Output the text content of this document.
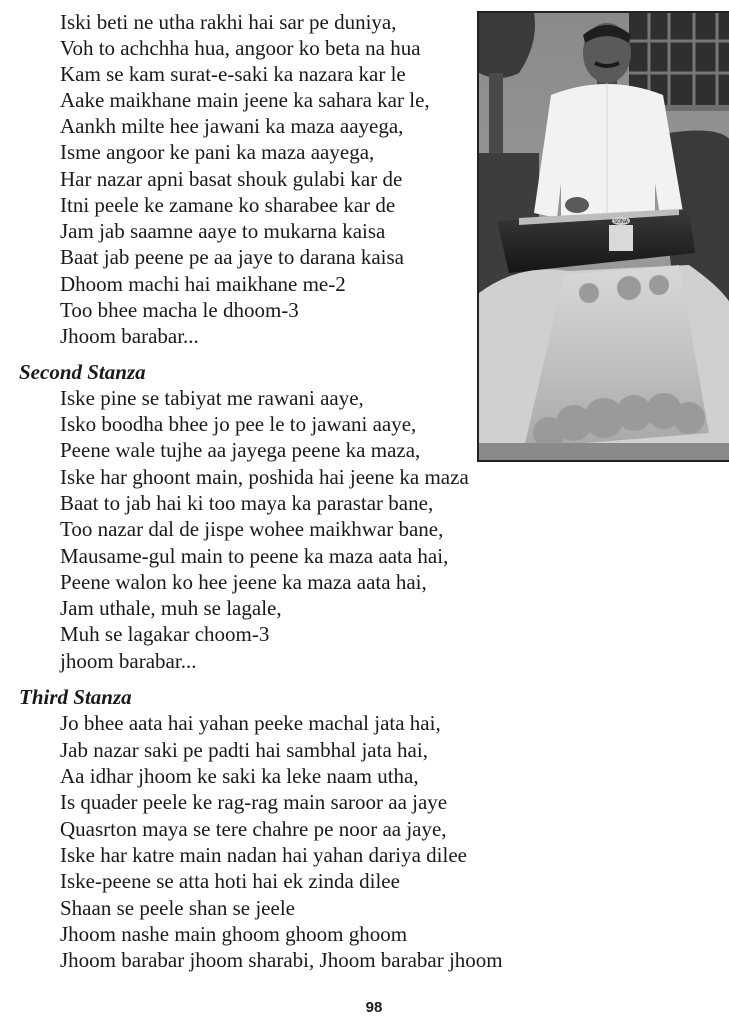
Iski beti ne utha rakhi hai sar pe duniya,
Voh to achchha hua, angoor ko beta na hua
Kam se kam surat-e-saki ka nazara kar le
Aake maikhane main jeene ka sahara kar le,
Aankh milte hee jawani ka maza aayega,
Isme angoor ke pani ka maza aayega,
Har nazar apni basat shouk gulabi kar de
Itni peele ke zamane ko sharabee kar de
Jam jab saamne aaye to mukarna kaisa
Baat jab peene pe aa jaye to darana kaisa
Dhoom machi hai maikhane me-2
Too bhee macha le dhoom-3
Jhoom barabar...
Second Stanza
Iske pine se tabiyat me rawani aaye,
Isko boodha bhee jo pee le to jawani aaye,
Peene wale tujhe aa jayega peene ka maza,
Iske har ghoont main, poshida hai jeene ka maza
Baat to jab hai ki too maya ka parastar bane,
Too nazar dal de jispe wohee maikhwar bane,
Mausame-gul main to peene ka maza aata hai,
Peene walon ko hee jeene ka maza aata hai,
Jam uthale, muh se lagale,
Muh se lagakar choom-3
jhoom barabar...
Third Stanza
Jo bhee aata hai yahan peeke machal jata hai,
Jab nazar saki pe padti hai sambhal jata hai,
Aa idhar jhoom ke saki ka leke naam utha,
Is quader peele ke rag-rag main saroor aa jaye
Quasrton maya se tere chahre pe noor aa jaye,
Iske har katre main nadan hai yahan dariya dilee
Iske-peene se atta hoti hai ek zinda dilee
Shaan se peele shan se jeele
Jhoom nashe main ghoom ghoom ghoom
Jhoom barabar jhoom sharabi, Jhoom barabar jhoom
98
SONA
